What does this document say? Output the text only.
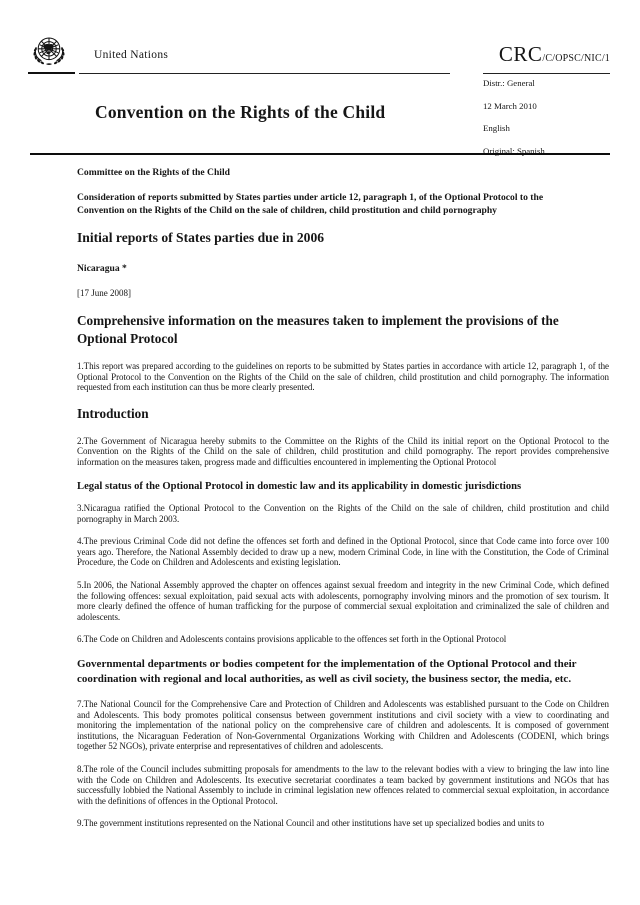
United Nations	CRC/C/OPSC/NIC/1
Convention on the Rights of the Child
Distr.: General
12 March 2010
English
Original: Spanish

Committee on the Rights of the Child

Consideration of reports submitted by States parties under article 12, paragraph 1, of the Optional Protocol to the Convention on the Rights of the Child on the sale of children, child prostitution and child pornography

Initial reports of States parties due in 2006

Nicaragua *

[17 June 2008]

Comprehensive information on the measures taken to implement the provisions of the Optional Protocol

1.This report was prepared according to the guidelines on reports to be submitted by States parties in accordance with article 12, paragraph 1, of the Optional Protocol to the Convention on the Rights of the Child on the sale of children, child prostitution and child pornography. The information requested from each institution can thus be more clearly presented.

Introduction

2.The Government of Nicaragua hereby submits to the Committee on the Rights of the Child its initial report on the Optional Protocol to the Convention on the Rights of the Child on the sale of children, child prostitution and child pornography. The report provides comprehensive information on the measures taken, progress made and difficulties encountered in implementing the Optional Protocol

Legal status of the Optional Protocol in domestic law and its applicability in domestic jurisdictions

3.Nicaragua ratified the Optional Protocol to the Convention on the Rights of the Child on the sale of children, child prostitution and child pornography in March 2003.

4.The previous Criminal Code did not define the offences set forth and defined in the Optional Protocol, since that Code came into force over 100 years ago. Therefore, the National Assembly decided to draw up a new, modern Criminal Code, in line with the Constitution, the Code of Criminal Procedure, the Code on Children and Adolescents and existing legislation.

5.In 2006, the National Assembly approved the chapter on offences against sexual freedom and integrity in the new Criminal Code, which defined the following offences: sexual exploitation, paid sexual acts with adolescents, pornography involving minors and the promotion of sex tourism. It more clearly defined the offence of human trafficking for the purpose of commercial sexual exploitation and criminalized the sale of children and adolescents.

6.The Code on Children and Adolescents contains provisions applicable to the offences set forth in the Optional Protocol

Governmental departments or bodies competent for the implementation of the Optional Protocol and their coordination with regional and local authorities, as well as civil society, the business sector, the media, etc.

7.The National Council for the Comprehensive Care and Protection of Children and Adolescents was established pursuant to the Code on Children and Adolescents. This body promotes political consensus between government institutions and civil society with a view to coordinating and monitoring the implementation of the national policy on the comprehensive care of children and adolescents. It is composed of government institutions, the Nicaraguan Federation of Non-Governmental Organizations Working with Children and Adolescents (CODENI, which brings together 52 NGOs), private enterprise and representatives of children and adolescents.

8.The role of the Council includes submitting proposals for amendments to the law to the relevant bodies with a view to bringing the law into line with the Code on Children and Adolescents. Its executive secretariat coordinates a team backed by government institutions and NGOs that has successfully lobbied the National Assembly to include in criminal legislation new offences related to commercial sexual exploitation, in accordance with the definitions of offences in the Optional Protocol.

9.The government institutions represented on the National Council and other institutions have set up specialized bodies and units to
